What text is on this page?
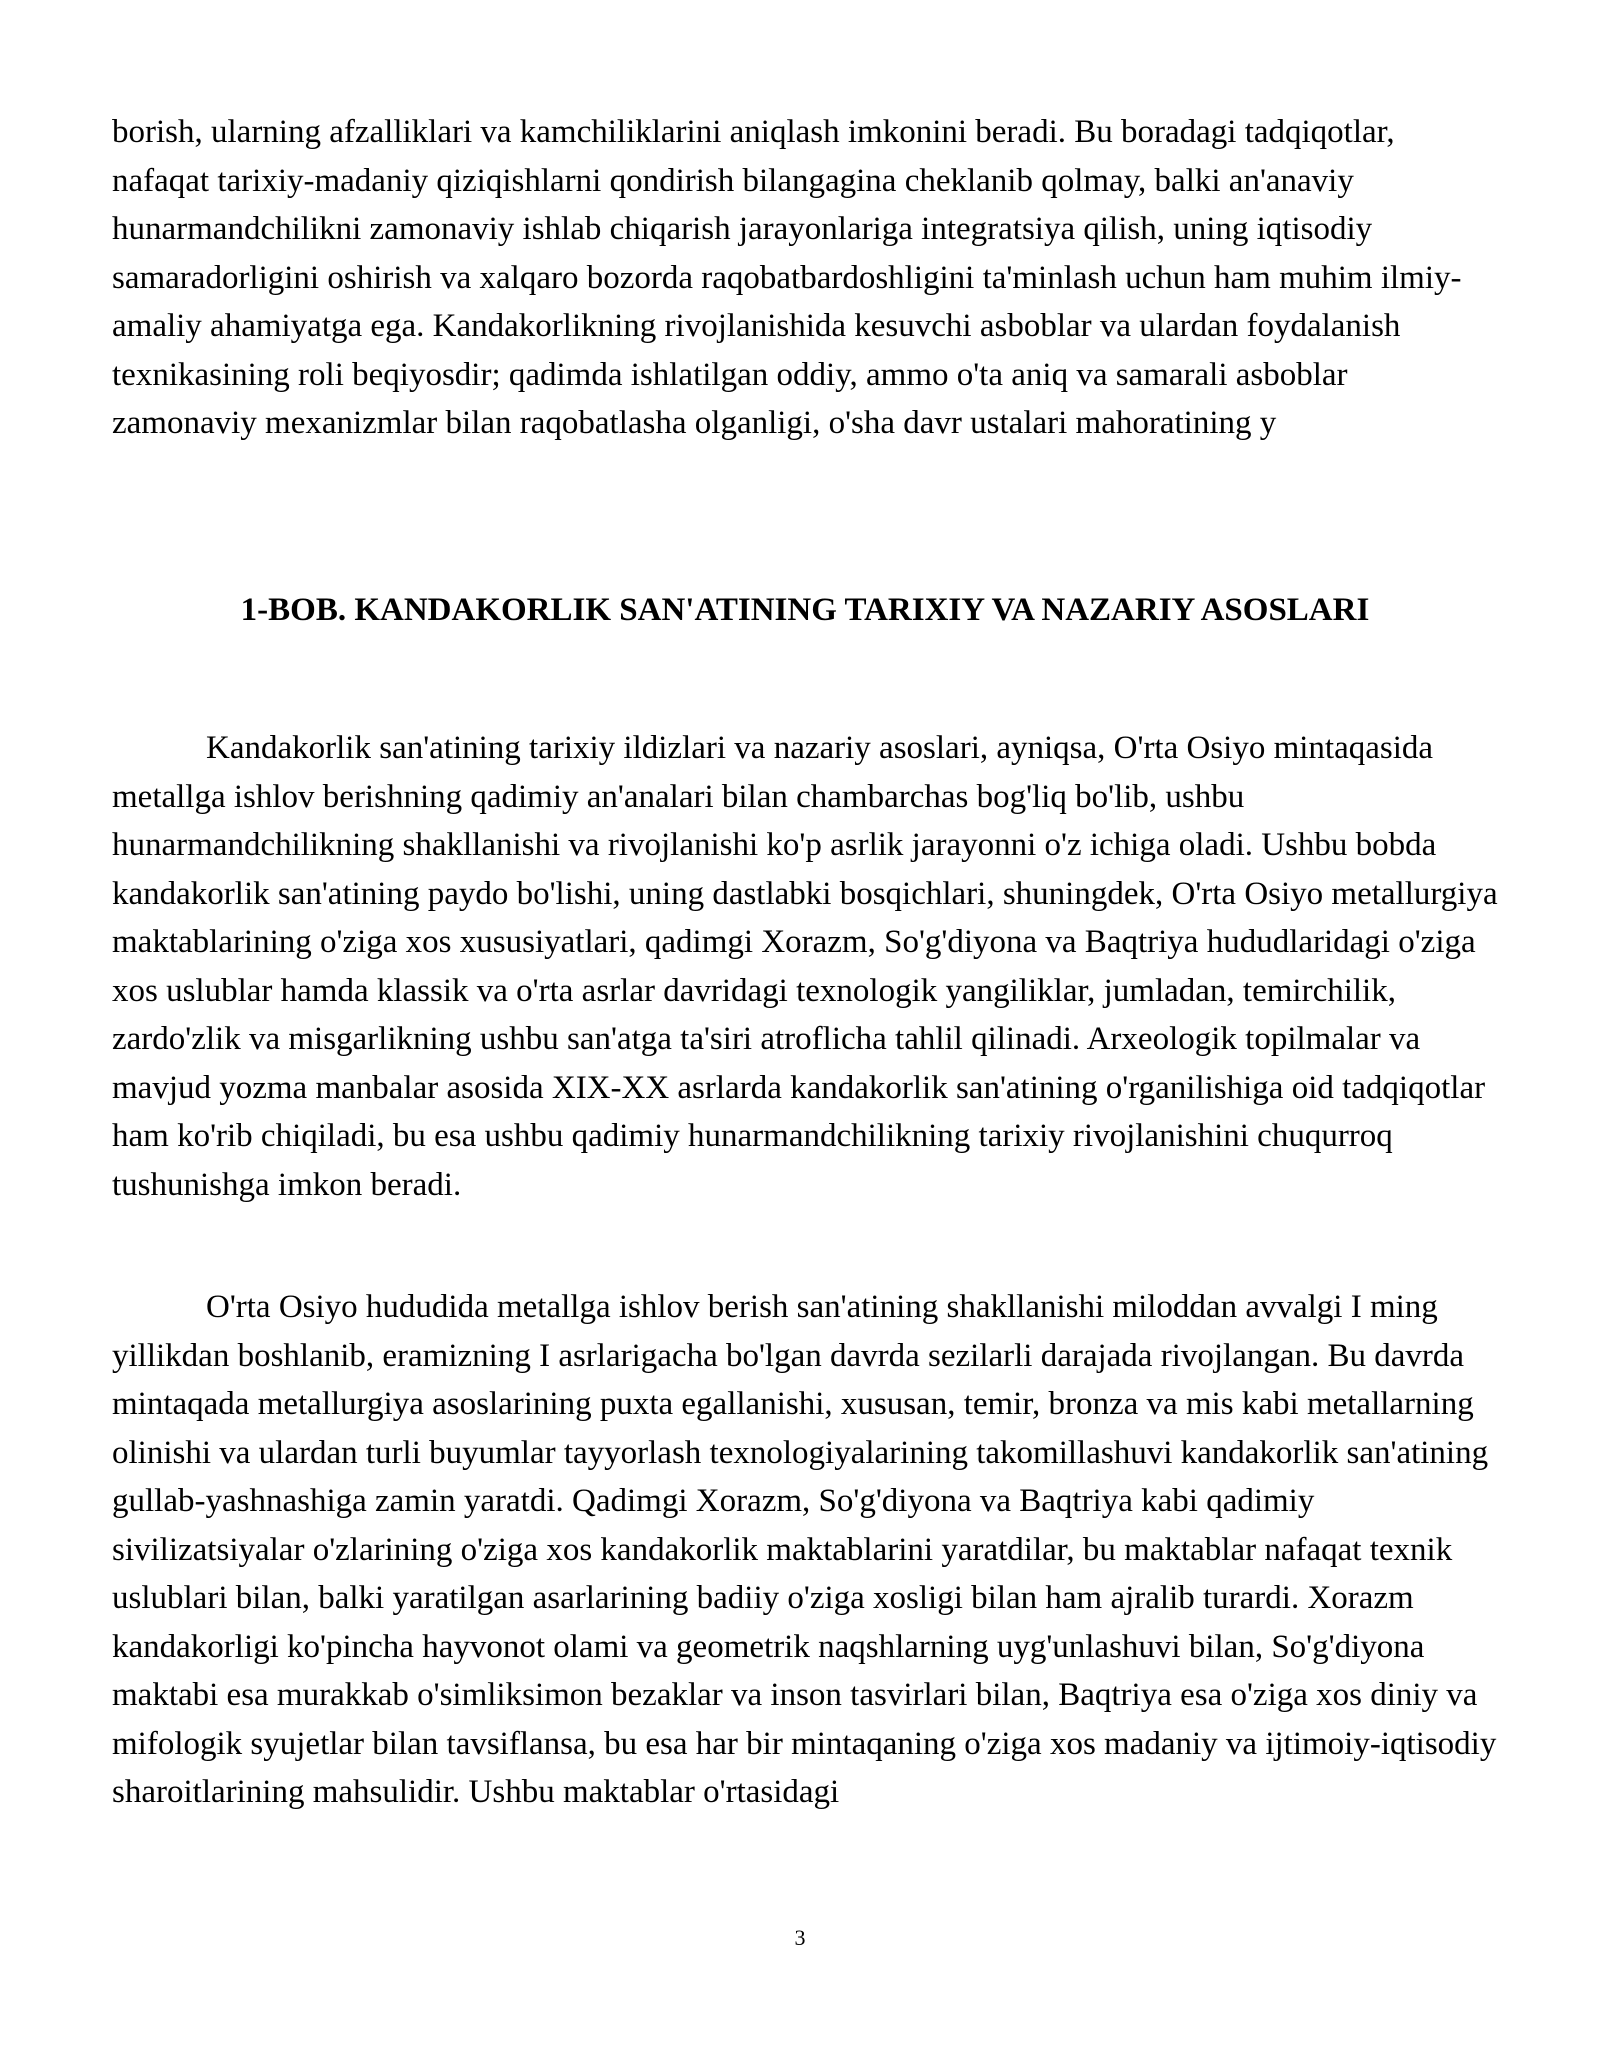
borish, ularning afzalliklari va kamchiliklarini aniqlash imkonini beradi. Bu boradagi tadqiqotlar, nafaqat tarixiy-madaniy qiziqishlarni qondirish bilangagina cheklanib qolmay, balki an'anaviy hunarmandchilikni zamonaviy ishlab chiqarish jarayonlariga integratsiya qilish, uning iqtisodiy samaradorligini oshirish va xalqaro bozorda raqobatbardoshligini ta'minlash uchun ham muhim ilmiy-amaliy ahamiyatga ega. Kandakorlikning rivojlanishida kesuvchi asboblar va ulardan foydalanish texnikasining roli beqiyosdir; qadimda ishlatilgan oddiy, ammo o'ta aniq va samarali asboblar zamonaviy mexanizmlar bilan raqobatlasha olganligi, o'sha davr ustalari mahoratining y

1-BOB. KANDAKORLIK SAN'ATINING TARIXIY VA NAZARIY ASOSLARI

Kandakorlik san'atining tarixiy ildizlari va nazariy asoslari, ayniqsa, O'rta Osiyo mintaqasida metallga ishlov berishning qadimiy an'analari bilan chambarchas bog'liq bo'lib, ushbu hunarmandchilikning shakllanishi va rivojlanishi ko'p asrlik jarayonni o'z ichiga oladi. Ushbu bobda kandakorlik san'atining paydo bo'lishi, uning dastlabki bosqichlari, shuningdek, O'rta Osiyo metallurgiya maktablarining o'ziga xos xususiyatlari, qadimgi Xorazm, So'g'diyona va Baqtriya hududlaridagi o'ziga xos uslublar hamda klassik va o'rta asrlar davridagi texnologik yangiliklar, jumladan, temirchilik, zardo'zlik va misgarlikning ushbu san'atga ta'siri atroflicha tahlil qilinadi. Arxeologik topilmalar va mavjud yozma manbalar asosida XIX-XX asrlarda kandakorlik san'atining o'rganilishiga oid tadqiqotlar ham ko'rib chiqiladi, bu esa ushbu qadimiy hunarmandchilikning tarixiy rivojlanishini chuqurroq tushunishga imkon beradi.

O'rta Osiyo hududida metallga ishlov berish san'atining shakllanishi miloddan avvalgi I ming yillikdan boshlanib, eramizning I asrlarigacha bo'lgan davrda sezilarli darajada rivojlangan. Bu davrda mintaqada metallurgiya asoslarining puxta egallanishi, xususan, temir, bronza va mis kabi metallarning olinishi va ulardan turli buyumlar tayyorlash texnologiyalarining takomillashuvi kandakorlik san'atining gullab-yashnashiga zamin yaratdi. Qadimgi Xorazm, So'g'diyona va Baqtriya kabi qadimiy sivilizatsiyalar o'zlarining o'ziga xos kandakorlik maktablarini yaratdilar, bu maktablar nafaqat texnik uslublari bilan, balki yaratilgan asarlarining badiiy o'ziga xosligi bilan ham ajralib turardi. Xorazm kandakorligi ko'pincha hayvonot olami va geometrik naqshlarning uyg'unlashuvi bilan, So'g'diyona maktabi esa murakkab o'simliksimon bezaklar va inson tasvirlari bilan, Baqtriya esa o'ziga xos diniy va mifologik syujetlar bilan tavsiflansa, bu esa har bir mintaqaning o'ziga xos madaniy va ijtimoiy-iqtisodiy sharoitlarining mahsulidir. Ushbu maktablar o'rtasidagi

3
